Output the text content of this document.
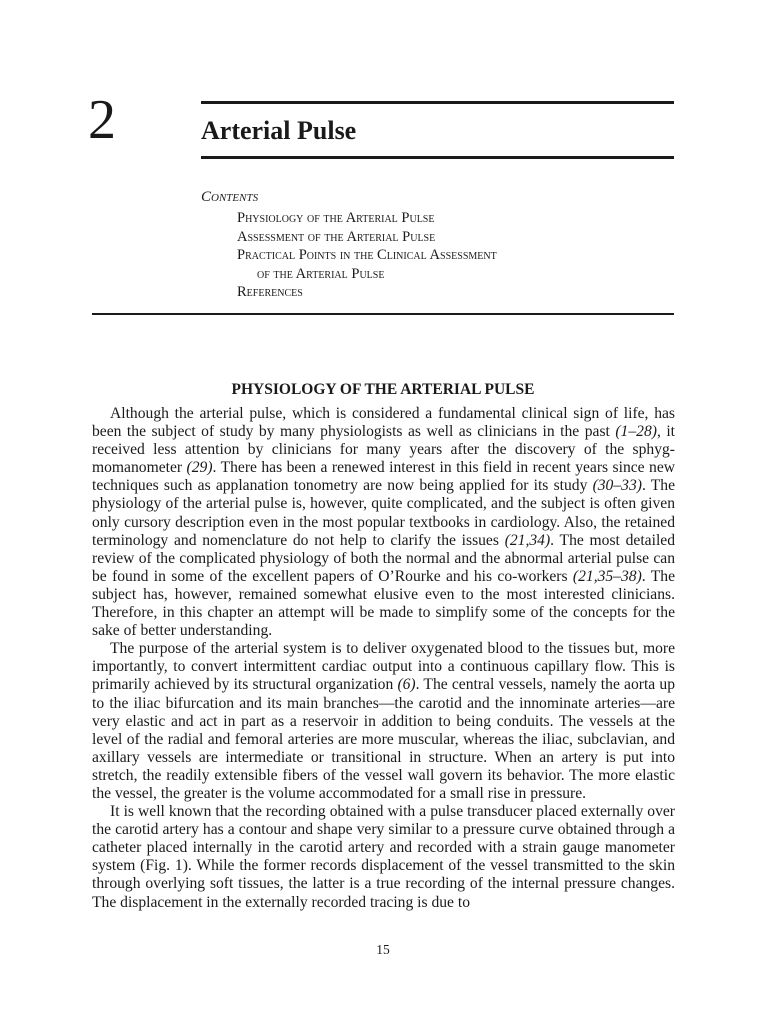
2	Arterial Pulse
Contents
Physiology of the Arterial Pulse
Assessment of the Arterial Pulse
Practical Points in the Clinical Assessment
of the Arterial Pulse
References
PHYSIOLOGY OF THE ARTERIAL PULSE

Although the arterial pulse, which is considered a fundamental clinical sign of life, has been the subject of study by many physiologists as well as clinicians in the past (1–28), it received less attention by clinicians for many years after the discovery of the sphygmomanometer (29). There has been a renewed interest in this field in recent years since new techniques such as applanation tonometry are now being applied for its study (30–33). The physiology of the arterial pulse is, however, quite complicated, and the subject is often given only cursory description even in the most popular textbooks in cardiology. Also, the retained terminology and nomenclature do not help to clarify the issues (21,34). The most detailed review of the complicated physiology of both the normal and the abnormal arterial pulse can be found in some of the excellent papers of O’Rourke and his co-workers (21,35–38). The subject has, however, remained somewhat elusive even to the most interested clinicians. Therefore, in this chapter an attempt will be made to simplify some of the concepts for the sake of better understanding.

The purpose of the arterial system is to deliver oxygenated blood to the tissues but, more importantly, to convert intermittent cardiac output into a continuous capillary flow. This is primarily achieved by its structural organization (6). The central vessels, namely the aorta up to the iliac bifurcation and its main branches—the carotid and the innominate arteries—are very elastic and act in part as a reservoir in addition to being conduits. The vessels at the level of the radial and femoral arteries are more muscular, whereas the iliac, subclavian, and axillary vessels are intermediate or transitional in structure. When an artery is put into stretch, the readily extensible fibers of the vessel wall govern its behavior. The more elastic the vessel, the greater is the volume accommodated for a small rise in pressure.

It is well known that the recording obtained with a pulse transducer placed externally over the carotid artery has a contour and shape very similar to a pressure curve obtained through a catheter placed internally in the carotid artery and recorded with a strain gauge manometer system (Fig. 1). While the former records displacement of the vessel transmitted to the skin through overlying soft tissues, the latter is a true recording of the internal pressure changes. The displacement in the externally recorded tracing is due to

15
